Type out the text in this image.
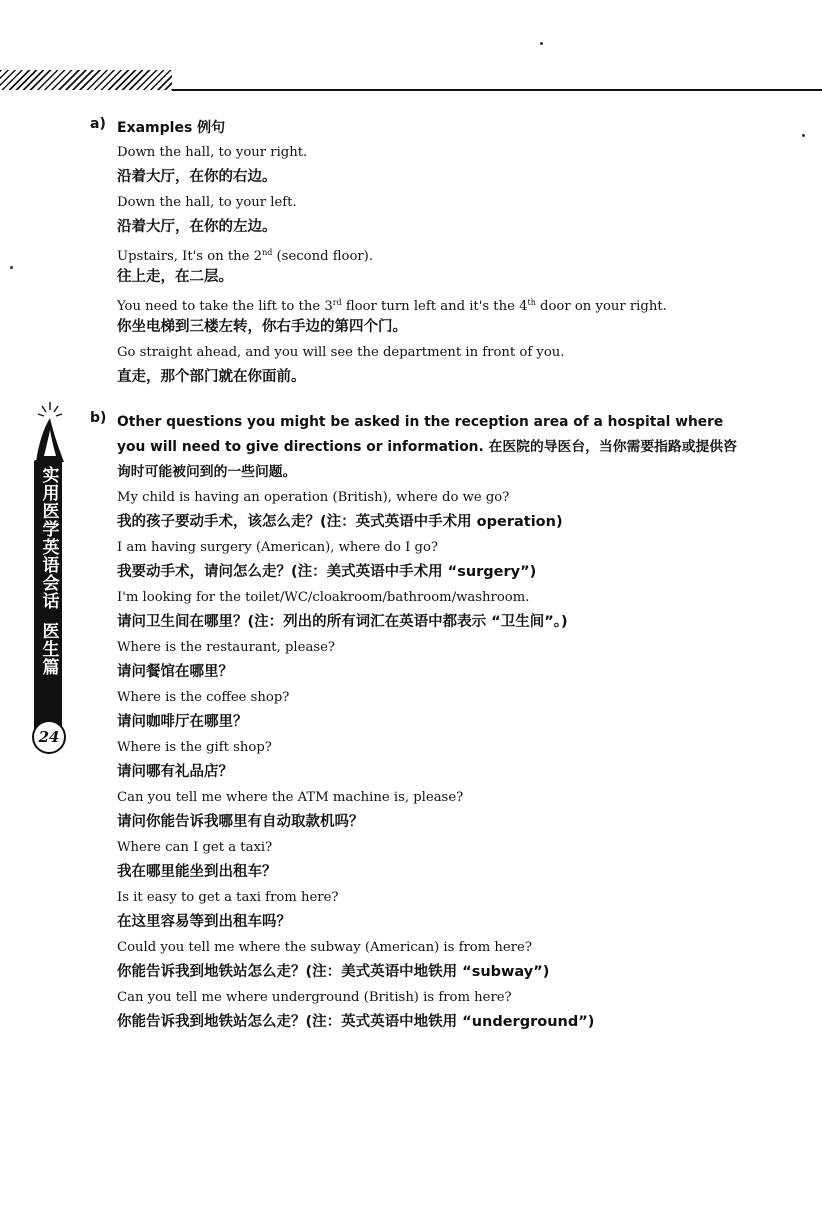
实用医学英语会话
医生篇
24
a) Examples 例句
Down the hall, to your right.
沿着大厅，在你的右边。
Down the hall, to your left.
沿着大厅，在你的左边。
Upstairs, It's on the 2nd (second floor).
往上走，在二层。
You need to take the lift to the 3rd floor turn left and it's the 4th door on your right.
你坐电梯到三楼左转，你右手边的第四个门。
Go straight ahead, and you will see the department in front of you.
直走，那个部门就在你面前。
b) Other questions you might be asked in the reception area of a hospital where you will need to give directions or information. 在医院的导医台，当你需要指路或提供咨询时可能被问到的一些问题。
My child is having an operation (British), where do we go?
我的孩子要动手术，该怎么走？(注：英式英语中手术用 operation)
I am having surgery (American), where do I go?
我要动手术，请问怎么走？(注：美式英语中手术用 “surgery”)
I'm looking for the toilet/WC/cloakroom/bathroom/washroom.
请问卫生间在哪里？(注：列出的所有词汇在英语中都表示 “卫生间”。)
Where is the restaurant, please?
请问餐馆在哪里？
Where is the coffee shop?
请问咖啡厅在哪里？
Where is the gift shop?
请问哪有礼品店？
Can you tell me where the ATM machine is, please?
请问你能告诉我哪里有自动取款机吗？
Where can I get a taxi?
我在哪里能坐到出租车？
Is it easy to get a taxi from here?
在这里容易等到出租车吗？
Could you tell me where the subway (American) is from here?
你能告诉我到地铁站怎么走？(注：美式英语中地铁用 “subway”)
Can you tell me where underground (British) is from here?
你能告诉我到地铁站怎么走？(注：英式英语中地铁用 “underground”)
